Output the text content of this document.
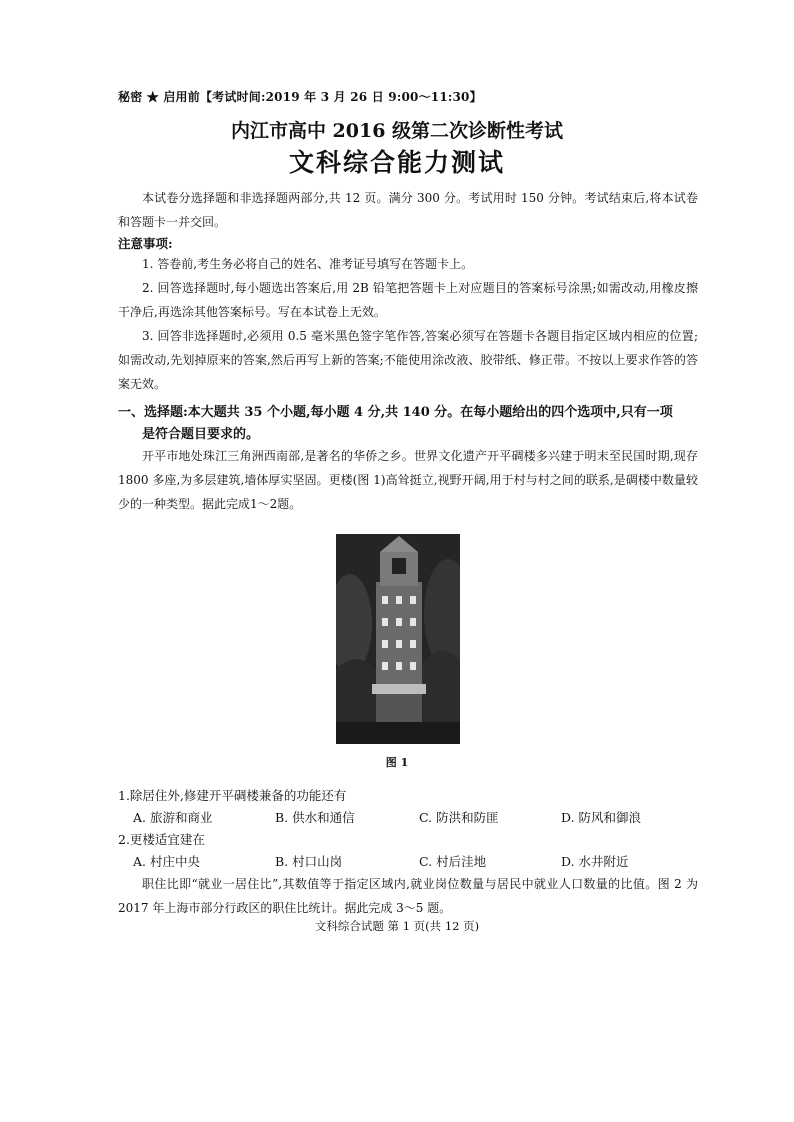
秘密 ★ 启用前【考试时间:2019 年 3 月 26 日 9:00～11:30】
内江市高中 2016 级第二次诊断性考试
文科综合能力测试
本试卷分选择题和非选择题两部分,共 12 页。满分 300 分。考试用时 150 分钟。考试结束后,将本试卷和答题卡一并交回。
注意事项:
1. 答卷前,考生务必将自己的姓名、准考证号填写在答题卡上。
2. 回答选择题时,每小题选出答案后,用 2B 铅笔把答题卡上对应题目的答案标号涂黑;如需改动,用橡皮擦干净后,再选涂其他答案标号。写在本试卷上无效。
3. 回答非选择题时,必须用 0.5 毫米黑色签字笔作答,答案必须写在答题卡各题目指定区域内相应的位置;如需改动,先划掉原来的答案,然后再写上新的答案;不能使用涂改液、胶带纸、修正带。不按以上要求作答的答案无效。
一、选择题:本大题共 35 个小题,每小题 4 分,共 140 分。在每小题给出的四个选项中,只有一项
是符合题目要求的。
开平市地处珠江三角洲西南部,是著名的华侨之乡。世界文化遗产开平碉楼多兴建于明末至民国时期,现存 1800 多座,为多层建筑,墙体厚实坚固。更楼(图 1)高耸挺立,视野开阔,用于村与村之间的联系,是碉楼中数量较少的一种类型。据此完成1～2题。
图 1
1.除居住外,修建开平碉楼兼备的功能还有
A. 旅游和商业	B. 供水和通信	C. 防洪和防匪	D. 防风和御浪
2.更楼适宜建在
A. 村庄中央	B. 村口山岗	C. 村后洼地	D. 水井附近
职住比即“就业一居住比”,其数值等于指定区域内,就业岗位数量与居民中就业人口数量的比值。图 2 为 2017 年上海市部分行政区的职住比统计。据此完成 3～5 题。
文科综合试题 第 1 页(共 12 页)
